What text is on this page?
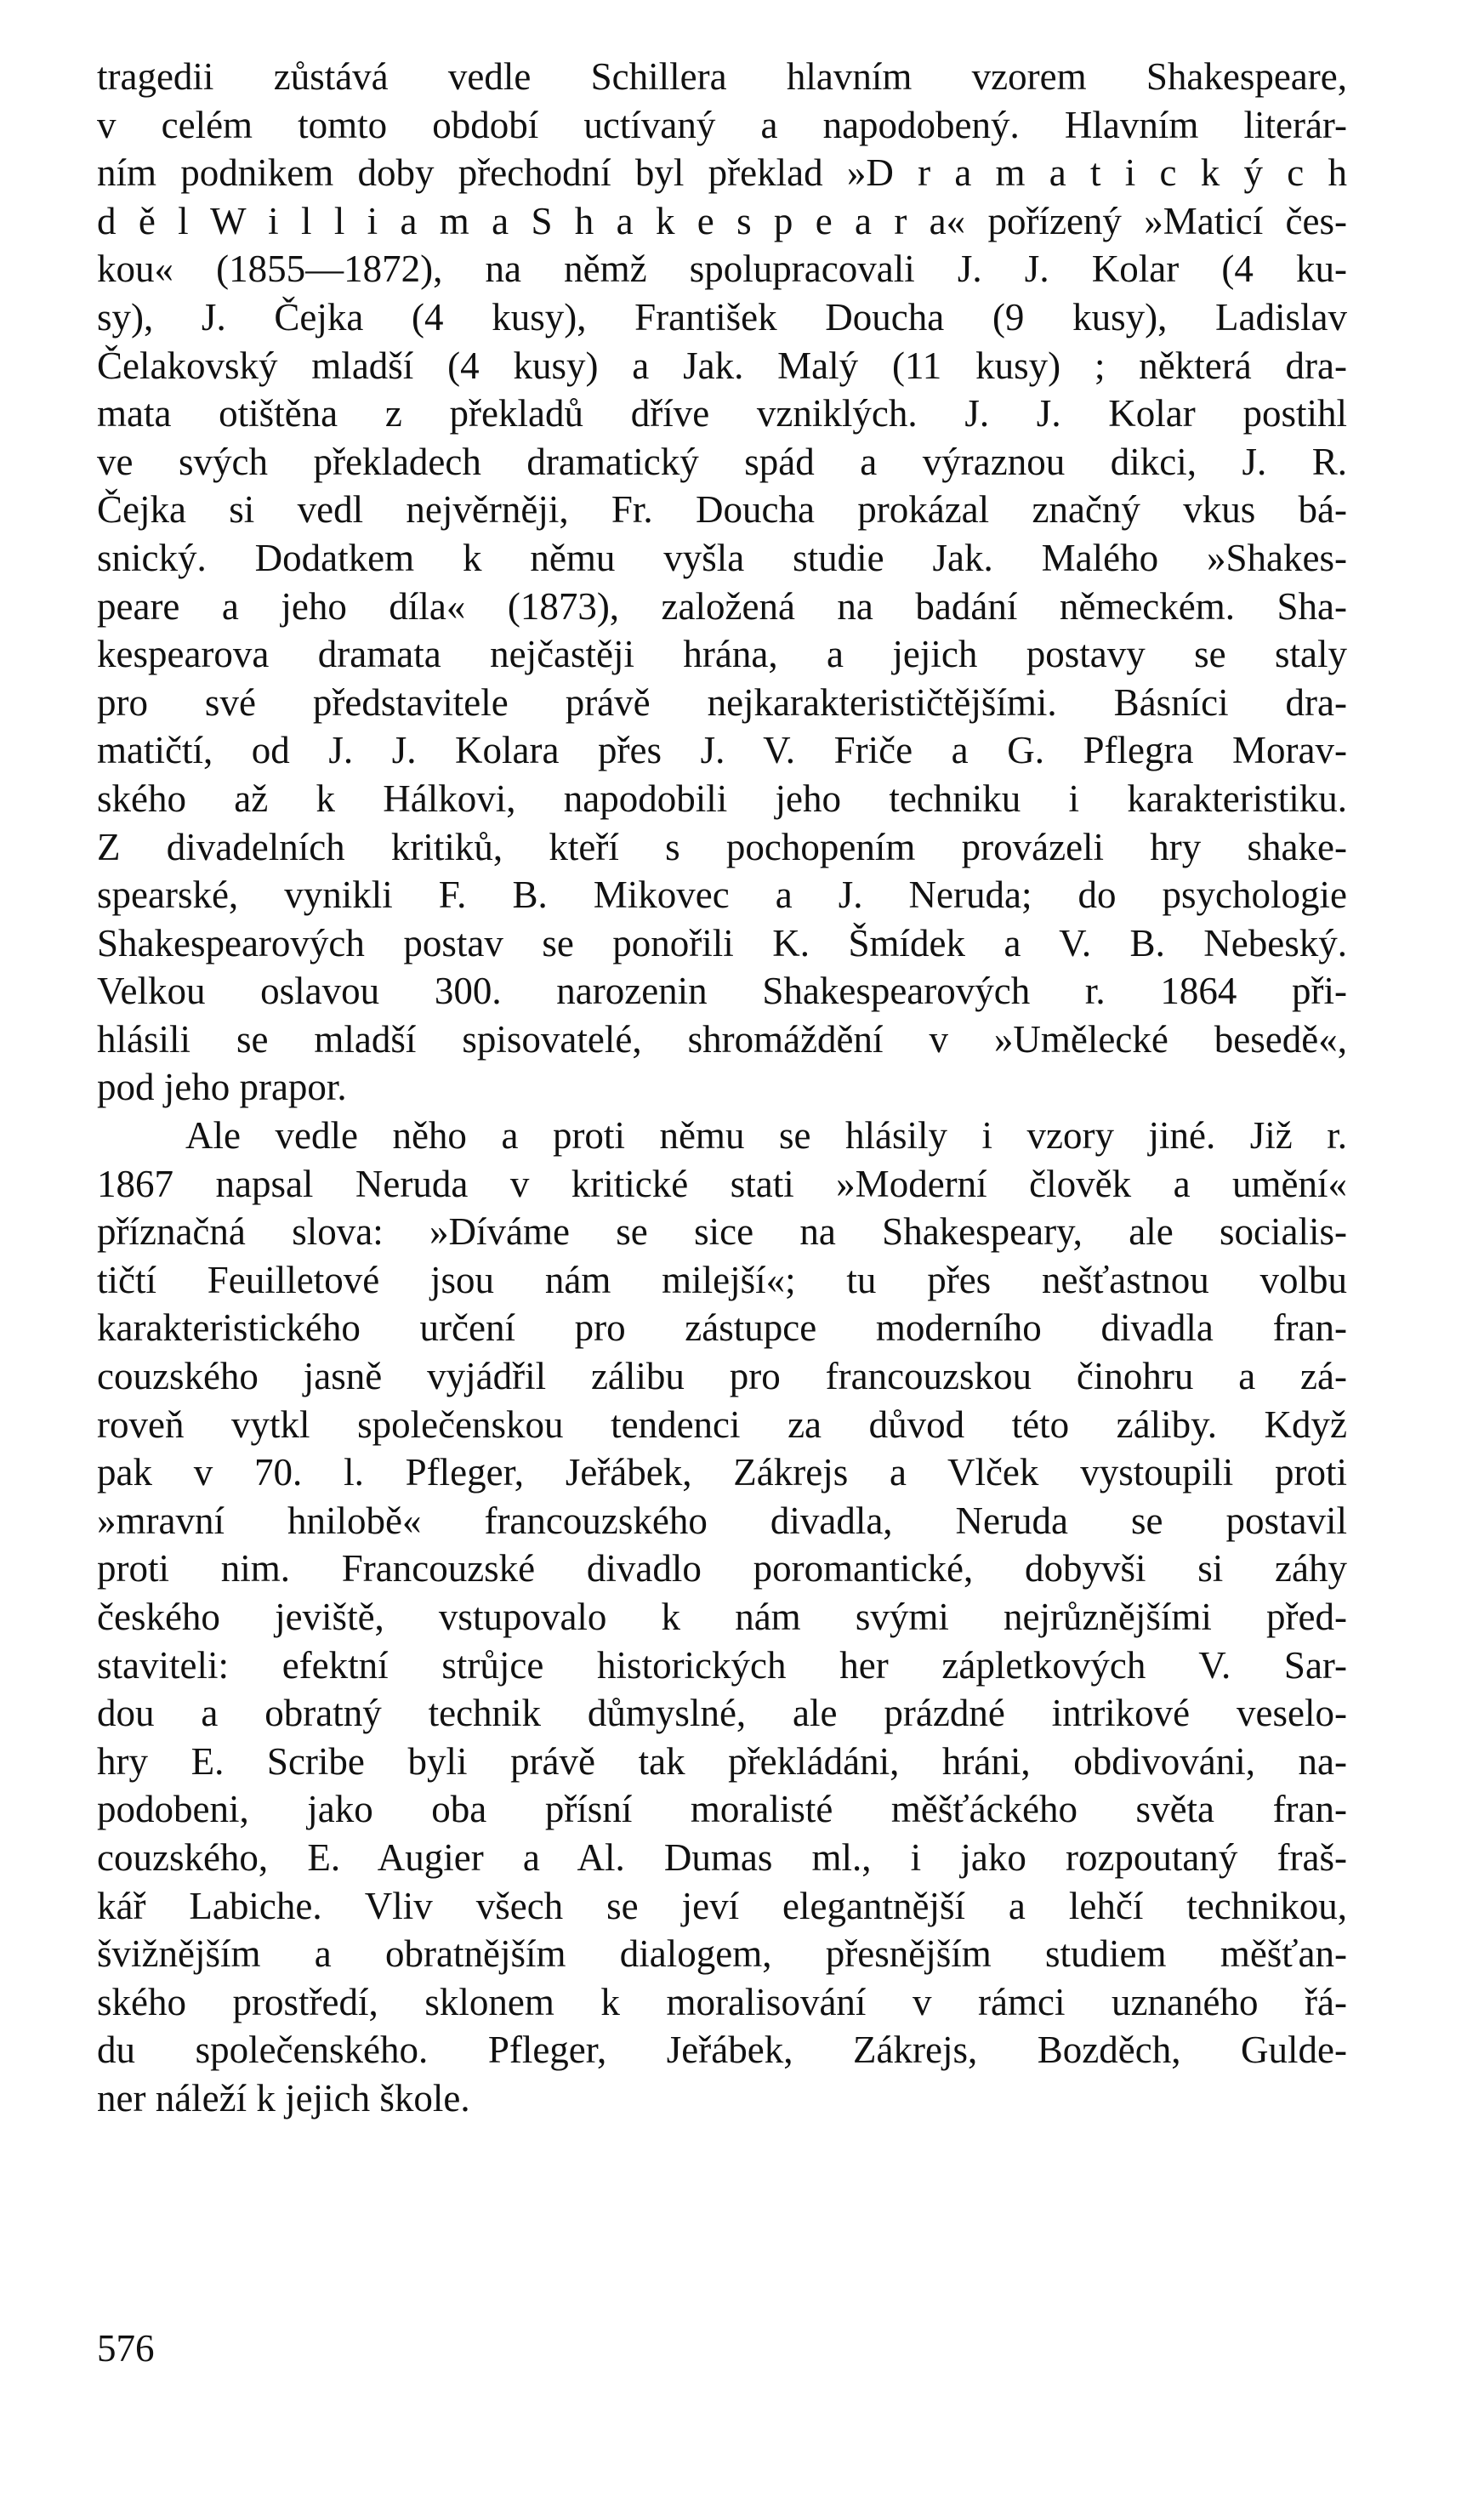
tragedii zůstává vedle Schillera hlavním vzorem Shakespeare,
v celém tomto období uctívaný a napodobený. Hlavním literár-
ním podnikem doby přechodní byl překlad »D r a m a t i c k ý c h
d ě l W i l l i a m a S h a k e s p e a r a« pořízený »Maticí čes-
kou« (1855—1872), na němž spolupracovali J. J. Kolar (4 ku-
sy), J. Čejka (4 kusy), František Doucha (9 kusy), Ladislav
Čelakovský mladší (4 kusy) a Jak. Malý (11 kusy) ; některá dra-
mata otištěna z překladů dříve vzniklých. J. J. Kolar postihl
ve svých překladech dramatický spád a výraznou dikci, J. R.
Čejka si vedl nejvěrněji, Fr. Doucha prokázal značný vkus bá-
snický. Dodatkem k němu vyšla studie Jak. Malého »Shakes-
peare a jeho díla« (1873), založená na badání německém. Sha-
kespearova dramata nejčastěji hrána, a jejich postavy se staly
pro své představitele právě nejkarakterističtějšími. Básníci dra-
matičtí, od J. J. Kolara přes J. V. Friče a G. Pflegra Morav-
ského až k Hálkovi, napodobili jeho techniku i karakteristiku.
Z divadelních kritiků, kteří s pochopením provázeli hry shake-
spearské, vynikli F. B. Mikovec a J. Neruda; do psychologie
Shakespearových postav se ponořili K. Šmídek a V. B. Nebeský.
Velkou oslavou 300. narozenin Shakespearových r. 1864 při-
hlásili se mladší spisovatelé, shromáždění v »Umělecké besedě«,
pod jeho prapor.
Ale vedle něho a proti němu se hlásily i vzory jiné. Již r.
1867 napsal Neruda v kritické stati »Moderní člověk a umění«
příznačná slova: »Díváme se sice na Shakespeary, ale socialis-
tičtí Feuilletové jsou nám milejší«; tu přes nešťastnou volbu
karakteristického určení pro zástupce moderního divadla fran-
couzského jasně vyjádřil zálibu pro francouzskou činohru a zá-
roveň vytkl společenskou tendenci za důvod této záliby. Když
pak v 70. l. Pfleger, Jeřábek, Zákrejs a Vlček vystoupili proti
»mravní hnilobě« francouzského divadla, Neruda se postavil
proti nim. Francouzské divadlo poromantické, dobyvši si záhy
českého jeviště, vstupovalo k nám svými nejrůznějšími před-
staviteli: efektní strůjce historických her zápletkových V. Sar-
dou a obratný technik důmyslné, ale prázdné intrikové veselo-
hry E. Scribe byli právě tak překládáni, hráni, obdivováni, na-
podobeni, jako oba přísní moralisté měšťáckého světa fran-
couzského, E. Augier a Al. Dumas ml., i jako rozpoutaný fraš-
kář Labiche. Vliv všech se jeví elegantnější a lehčí technikou,
švižnějším a obratnějším dialogem, přesnějším studiem měšťan-
ského prostředí, sklonem k moralisování v rámci uznaného řá-
du společenského. Pfleger, Jeřábek, Zákrejs, Bozděch, Gulde-
ner náleží k jejich škole.
576
